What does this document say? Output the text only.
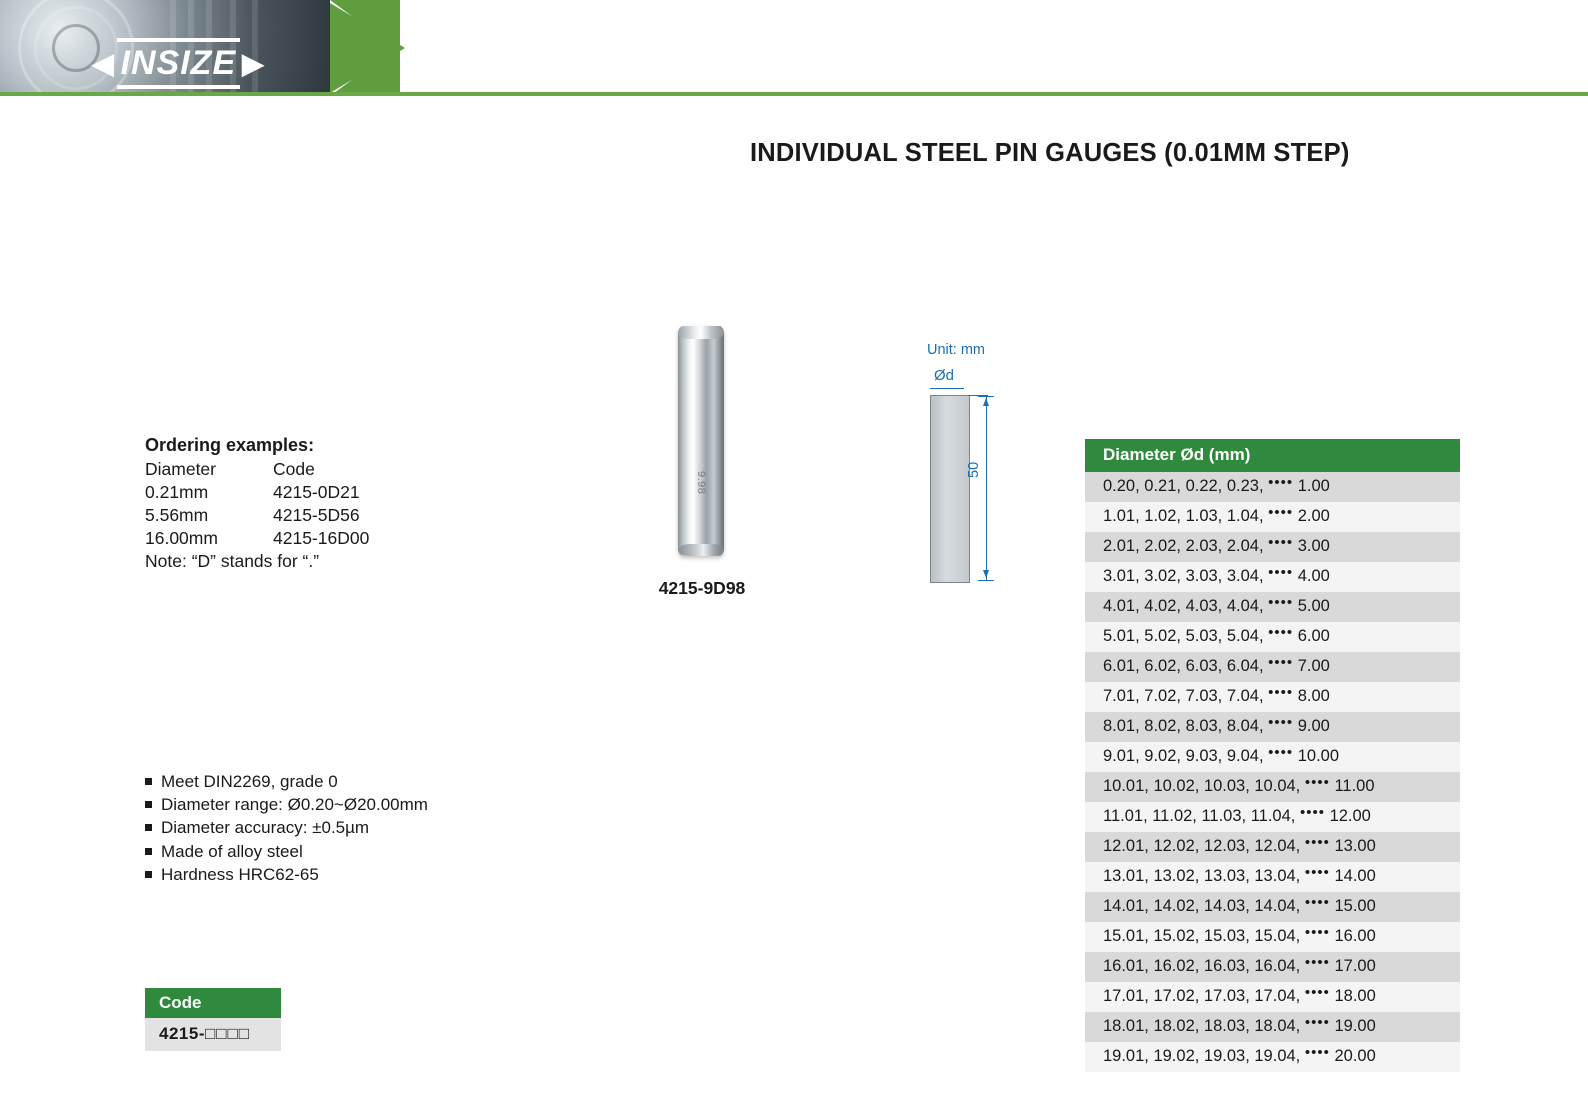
◀ INSIZE ▶
INDIVIDUAL STEEL PIN GAUGES (0.01MM STEP)
Ordering examples:
Diameter	Code
0.21mm	4215-0D21
5.56mm	4215-5D56
16.00mm	4215-16D00
Note: “D” stands for “.”
Meet DIN2269, grade 0
Diameter range: Ø0.20~Ø20.00mm
Diameter accuracy: ±0.5µm
Made of alloy steel
Hardness HRC62-65
Code
4215-□□□□
9.98
4215-9D98
Unit: mm
Ød
50
Diameter Ød (mm)
0.20, 0.21, 0.22, 0.23, •••• 1.00
1.01, 1.02, 1.03, 1.04, •••• 2.00
2.01, 2.02, 2.03, 2.04, •••• 3.00
3.01, 3.02, 3.03, 3.04, •••• 4.00
4.01, 4.02, 4.03, 4.04, •••• 5.00
5.01, 5.02, 5.03, 5.04, •••• 6.00
6.01, 6.02, 6.03, 6.04, •••• 7.00
7.01, 7.02, 7.03, 7.04, •••• 8.00
8.01, 8.02, 8.03, 8.04, •••• 9.00
9.01, 9.02, 9.03, 9.04, •••• 10.00
10.01, 10.02, 10.03, 10.04, •••• 11.00
11.01, 11.02, 11.03, 11.04, •••• 12.00
12.01, 12.02, 12.03, 12.04, •••• 13.00
13.01, 13.02, 13.03, 13.04, •••• 14.00
14.01, 14.02, 14.03, 14.04, •••• 15.00
15.01, 15.02, 15.03, 15.04, •••• 16.00
16.01, 16.02, 16.03, 16.04, •••• 17.00
17.01, 17.02, 17.03, 17.04, •••• 18.00
18.01, 18.02, 18.03, 18.04, •••• 19.00
19.01, 19.02, 19.03, 19.04, •••• 20.00
